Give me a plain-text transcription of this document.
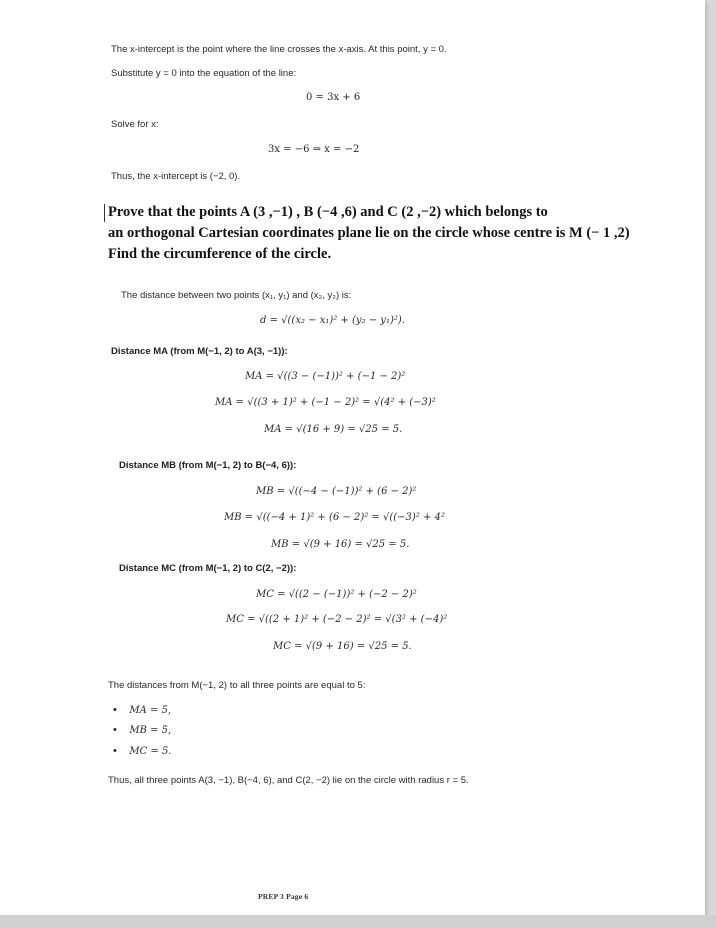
The x-intercept is the point where the line crosses the x-axis. At this point, y = 0.
Substitute y = 0 into the equation of the line:
0 = 3x + 6
Solve for x:
3x = −6 ⇒ x = −2
Thus, the x-intercept is (−2, 0).
Prove that the points A (3 ,−1) , B (−4 ,6) and C (2 ,−2) which belongs to
an orthogonal Cartesian coordinates plane lie on the circle whose centre is M (− 1 ,2)
Find the circumference of the circle.
The distance between two points (x₁, y₁) and (x₂, y₂) is:
d = √((x₂ − x₁)² + (y₂ − y₁)²).
Distance MA (from M(−1, 2) to A(3, −1)):
MA = √((3 − (−1))² + (−1 − 2)²
MA = √((3 + 1)² + (−1 − 2)² = √(4² + (−3)²
MA = √(16 + 9) = √25 = 5.
Distance MB (from M(−1, 2) to B(−4, 6)):
MB = √((−4 − (−1))² + (6 − 2)²
MB = √((−4 + 1)² + (6 − 2)² = √((−3)² + 4²
MB = √(9 + 16) = √25 = 5.
Distance MC (from M(−1, 2) to C(2, −2)):
MC = √((2 − (−1))² + (−2 − 2)²
MC = √((2 + 1)² + (−2 − 2)² = √(3² + (−4)²
MC = √(9 + 16) = √25 = 5.
The distances from M(−1, 2) to all three points are equal to 5:
• MA = 5,
• MB = 5,
• MC = 5.
Thus, all three points A(3, −1), B(−4, 6), and C(2, −2) lie on the circle with radius r = 5.
PREP 3 Page 6
